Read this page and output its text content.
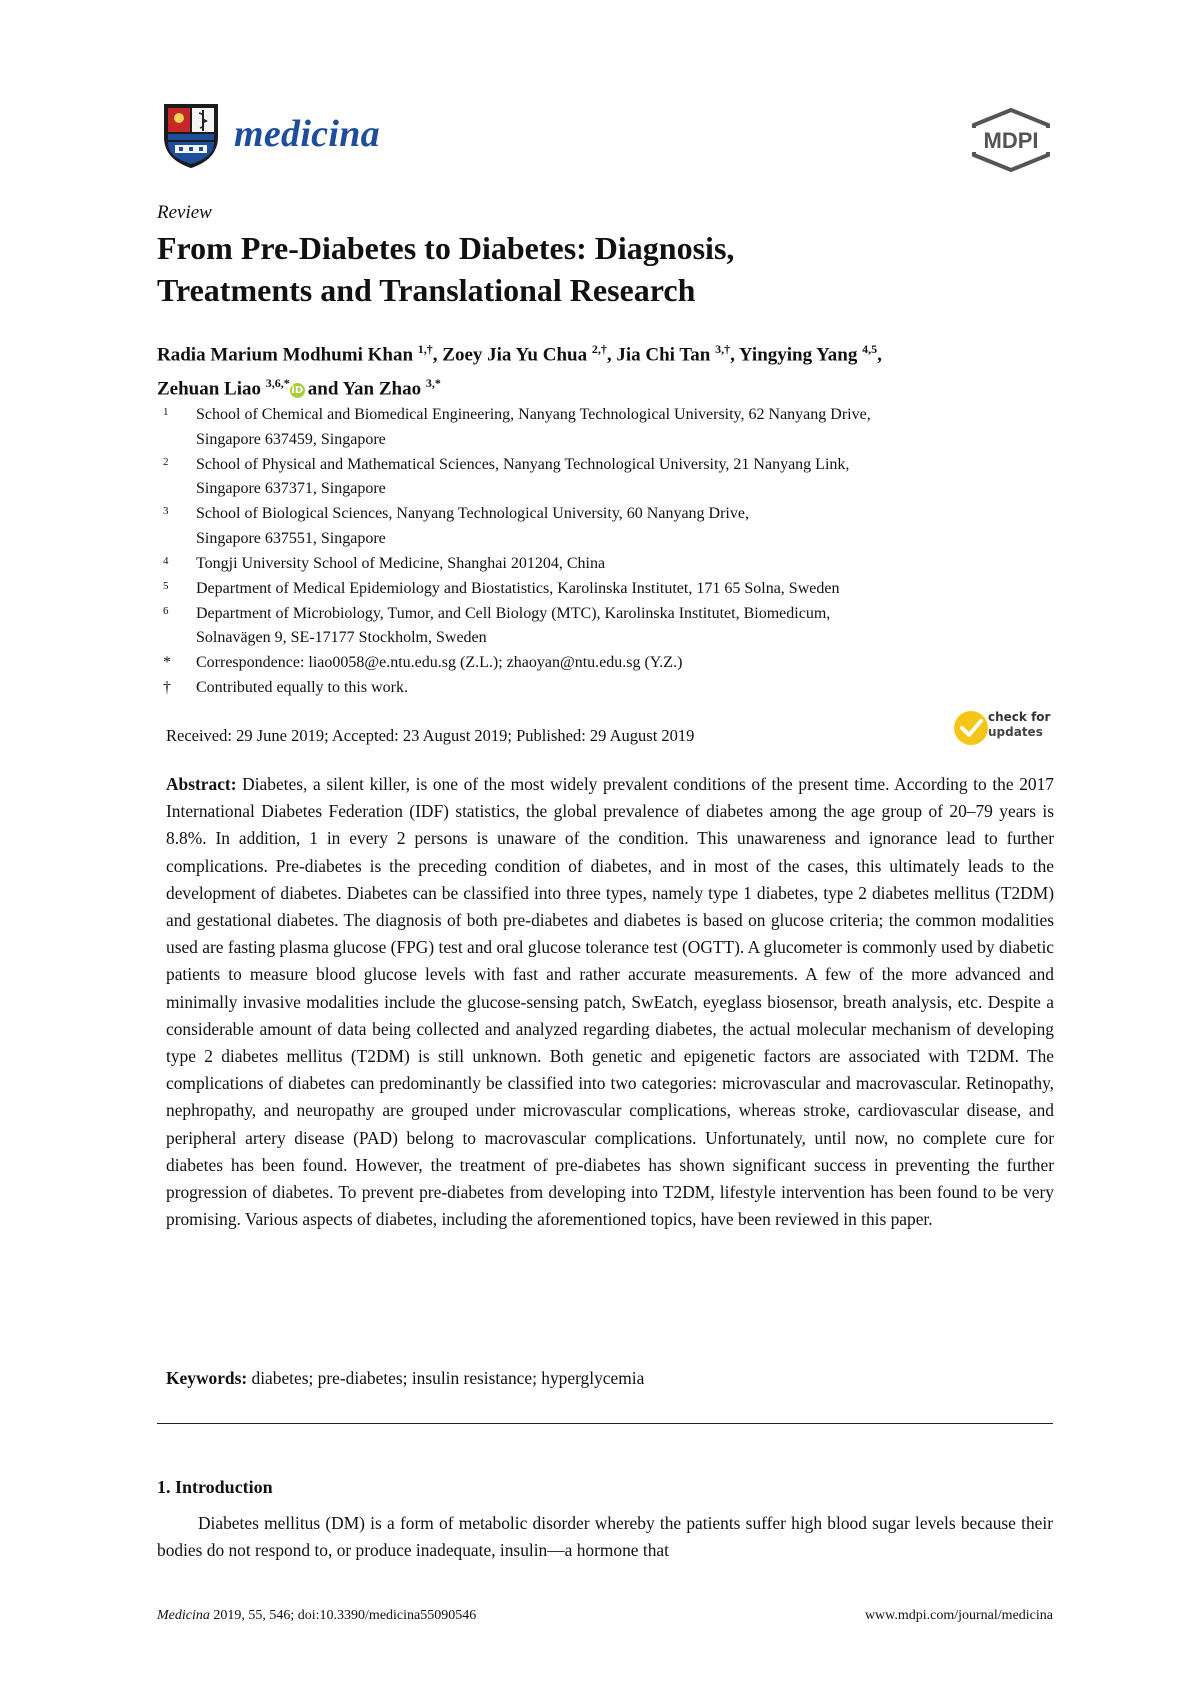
medicina	MDPI
Review
From Pre-Diabetes to Diabetes: Diagnosis,
Treatments and Translational Research
Radia Marium Modhumi Khan $^{1,\dagger}$, Zoey Jia Yu Chua $^{2,\dagger}$, Jia Chi Tan $^{3,\dagger}$, Yingying Yang $^{4,5}$,
Zehuan Liao $^{3,6,*}$ iD and Yan Zhao $^{3,*}$
1 School of Chemical and Biomedical Engineering, Nanyang Technological University, 62 Nanyang Drive,
Singapore 637459, Singapore
2 School of Physical and Mathematical Sciences, Nanyang Technological University, 21 Nanyang Link,
Singapore 637371, Singapore
3 School of Biological Sciences, Nanyang Technological University, 60 Nanyang Drive,
Singapore 637551, Singapore
4 Tongji University School of Medicine, Shanghai 201204, China
5 Department of Medical Epidemiology and Biostatistics, Karolinska Institutet, 171 65 Solna, Sweden
6 Department of Microbiology, Tumor, and Cell Biology (MTC), Karolinska Institutet, Biomedicum,
Solnavägen 9, SE-17177 Stockholm, Sweden
* Correspondence: liao0058@e.ntu.edu.sg (Z.L.); zhaoyan@ntu.edu.sg (Y.Z.)
† Contributed equally to this work.
Received: 29 June 2019; Accepted: 23 August 2019; Published: 29 August 2019
check for
updates

Abstract: Diabetes, a silent killer, is one of the most widely prevalent conditions of the present time. According to the 2017 International Diabetes Federation (IDF) statistics, the global prevalence of diabetes among the age group of 20–79 years is 8.8%. In addition, 1 in every 2 persons is unaware of the condition. This unawareness and ignorance lead to further complications. Pre-diabetes is the preceding condition of diabetes, and in most of the cases, this ultimately leads to the development of diabetes. Diabetes can be classified into three types, namely type 1 diabetes, type 2 diabetes mellitus (T2DM) and gestational diabetes. The diagnosis of both pre-diabetes and diabetes is based on glucose criteria; the common modalities used are fasting plasma glucose (FPG) test and oral glucose tolerance test (OGTT). A glucometer is commonly used by diabetic patients to measure blood glucose levels with fast and rather accurate measurements. A few of the more advanced and minimally invasive modalities include the glucose-sensing patch, SwEatch, eyeglass biosensor, breath analysis, etc. Despite a considerable amount of data being collected and analyzed regarding diabetes, the actual molecular mechanism of developing type 2 diabetes mellitus (T2DM) is still unknown. Both genetic and epigenetic factors are associated with T2DM. The complications of diabetes can predominantly be classified into two categories: microvascular and macrovascular. Retinopathy, nephropathy, and neuropathy are grouped under microvascular complications, whereas stroke, cardiovascular disease, and peripheral artery disease (PAD) belong to macrovascular complications. Unfortunately, until now, no complete cure for diabetes has been found. However, the treatment of pre-diabetes has shown significant success in preventing the further progression of diabetes. To prevent pre-diabetes from developing into T2DM, lifestyle intervention has been found to be very promising. Various aspects of diabetes, including the aforementioned topics, have been reviewed in this paper.

Keywords: diabetes; pre-diabetes; insulin resistance; hyperglycemia
1. Introduction

Diabetes mellitus (DM) is a form of metabolic disorder whereby the patients suffer high blood sugar levels because their bodies do not respond to, or produce inadequate, insulin—a hormone that

Medicina 2019, 55, 546; doi:10.3390/medicina55090546	www.mdpi.com/journal/medicina
